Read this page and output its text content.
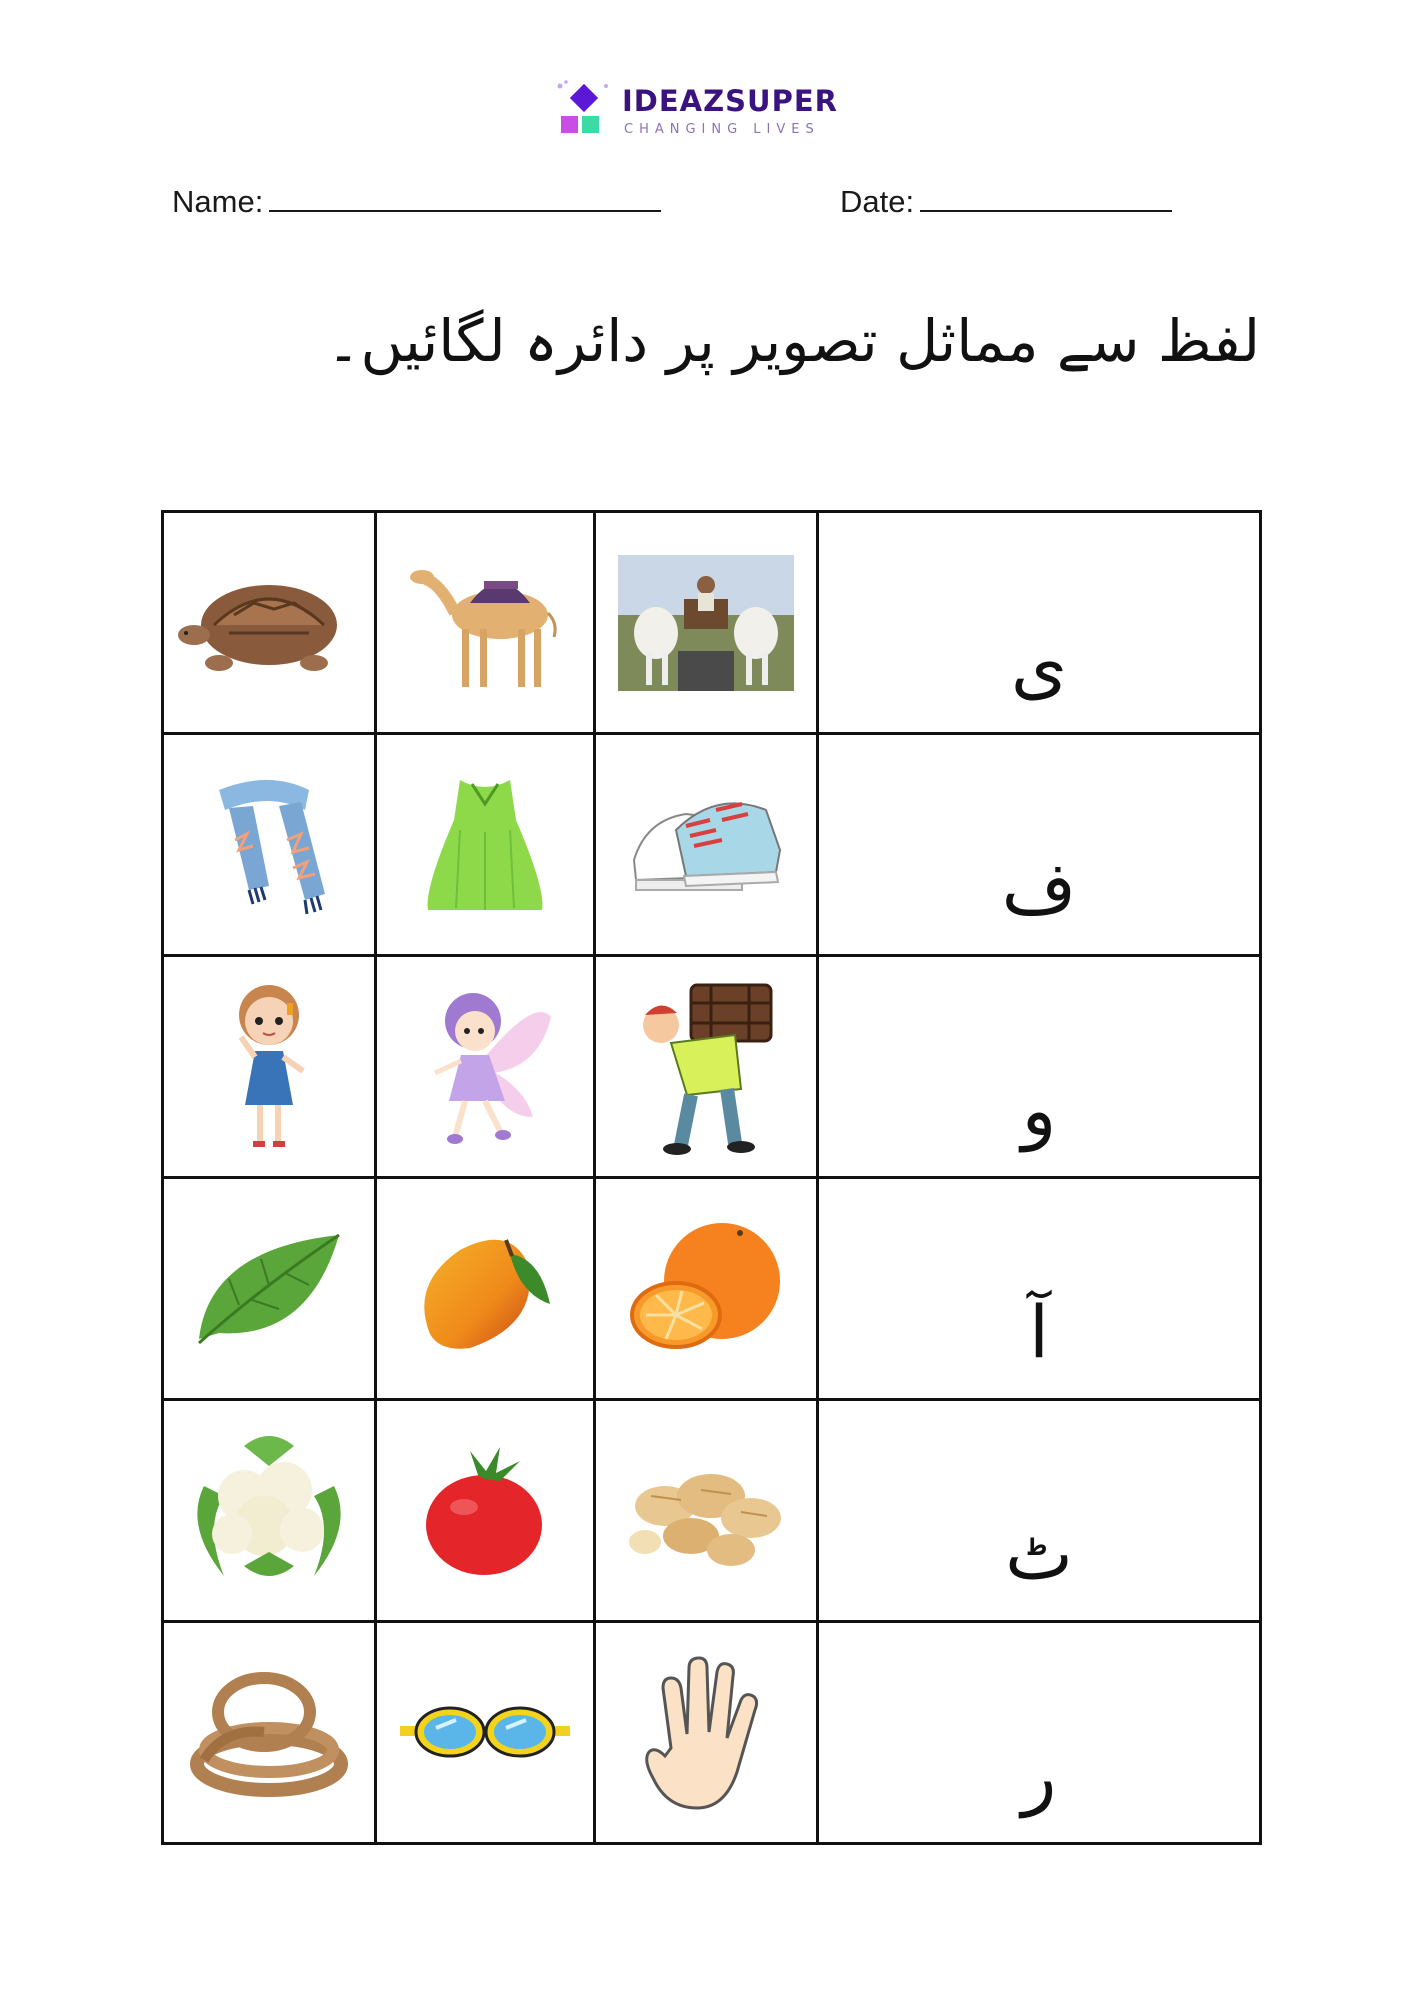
IDEAZSUPER
CHANGING LIVES
Name:	Date:
لفظ سے مماثل تصویر پر دائرہ لگائیں۔

ی

ف

و

آ

ٹ

ر
